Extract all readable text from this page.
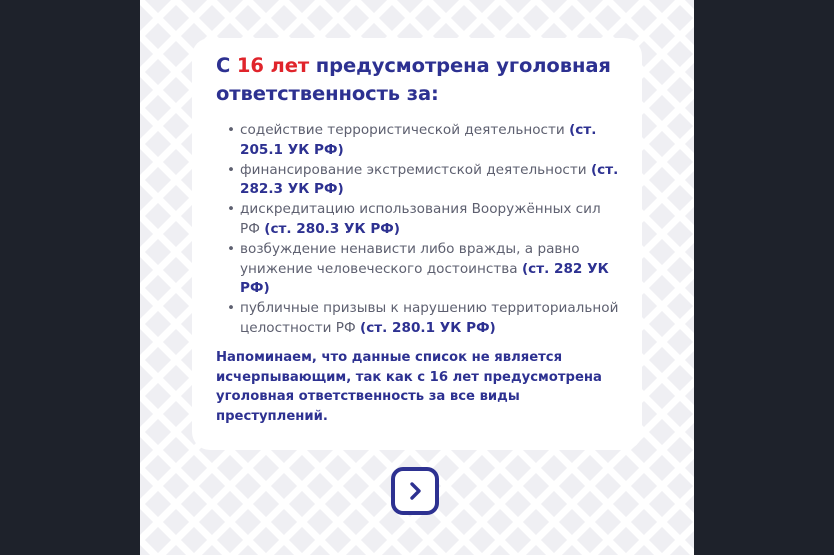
С 16 лет предусмотрена уголовная ответственность за:
• содействие террористической деятельности (ст. 205.1 УК РФ)
• финансирование экстремистской деятельности (ст. 282.3 УК РФ)
• дискредитацию использования Вооружённых сил РФ (ст. 280.3 УК РФ)
• возбуждение ненависти либо вражды, а равно унижение человеческого достоинства (ст. 282 УК РФ)
• публичные призывы к нарушению территориальной целостности РФ (ст. 280.1 УК РФ)

Напоминаем, что данные список не является исчерпывающим, так как с 16 лет предусмотрена уголовная ответственность за все виды преступлений.
